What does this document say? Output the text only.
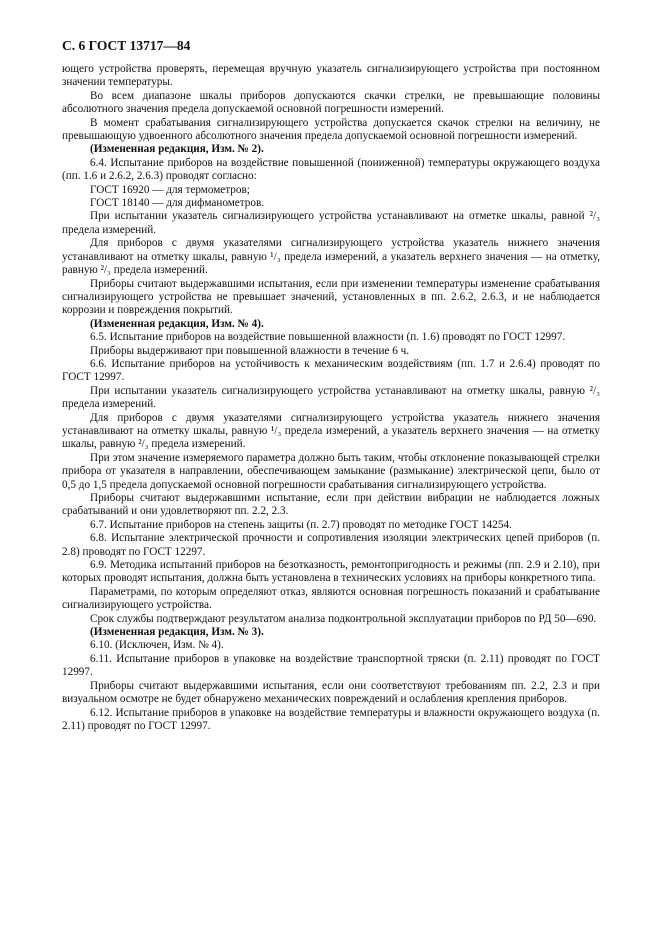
С. 6 ГОСТ 13717—84

ющего устройства проверять, перемещая вручную указатель сигнализирующего устройства при постоянном значении температуры.

Во всем диапазоне шкалы приборов допускаются скачки стрелки, не превышающие половины абсолютного значения предела допускаемой основной погрешности измерений.

В момент срабатывания сигнализирующего устройства допускается скачок стрелки на величину, не превышающую удвоенного абсолютного значения предела допускаемой основной погрешности измерений.

(Измененная редакция, Изм. № 2).

6.4. Испытание приборов на воздействие повышенной (пониженной) температуры окружающего воздуха (пп. 1.6 и 2.6.2, 2.6.3) проводят согласно:

ГОСТ 16920 — для термометров;

ГОСТ 18140 — для дифманометров.

При испытании указатель сигнализирующего устройства устанавливают на отметке шкалы, равной ²/₃ предела измерений.

Для приборов с двумя указателями сигнализирующего устройства указатель нижнего значения устанавливают на отметку шкалы, равную ¹/₃ предела измерений, а указатель верхнего значения — на отметку, равную ²/₃ предела измерений.

Приборы считают выдержавшими испытания, если при изменении температуры изменение срабатывания сигнализирующего устройства не превышает значений, установленных в пп. 2.6.2, 2.6.3, и не наблюдается коррозии и повреждения покрытий.

(Измененная редакция, Изм. № 4).

6.5. Испытание приборов на воздействие повышенной влажности (п. 1.6) проводят по ГОСТ 12997.

Приборы выдерживают при повышенной влажности в течение 6 ч.

6.6. Испытание приборов на устойчивость к механическим воздействиям (пп. 1.7 и 2.6.4) проводят по ГОСТ 12997.

При испытании указатель сигнализирующего устройства устанавливают на отметку шкалы, равную ²/₃ предела измерений.

Для приборов с двумя указателями сигнализирующего устройства указатель нижнего значения устанавливают на отметку шкалы, равную ¹/₃ предела измерений, а указатель верхнего значения — на отметку шкалы, равную ²/₃ предела измерений.

При этом значение измеряемого параметра должно быть таким, чтобы отклонение показывающей стрелки прибора от указателя в направлении, обеспечивающем замыкание (размыкание) электрической цепи, было от 0,5 до 1,5 предела допускаемой основной погрешности срабатывания сигнализирующего устройства.

Приборы считают выдержавшими испытание, если при действии вибрации не наблюдается ложных срабатываний и они удовлетворяют пп. 2.2, 2.3.

6.7. Испытание приборов на степень защиты (п. 2.7) проводят по методике ГОСТ 14254.

6.8. Испытание электрической прочности и сопротивления изоляции электрических цепей приборов (п. 2.8) проводят по ГОСТ 12297.

6.9. Методика испытаний приборов на безотказность, ремонтопригодность и режимы (пп. 2.9 и 2.10), при которых проводят испытания, должна быть установлена в технических условиях на приборы конкретного типа.

Параметрами, по которым определяют отказ, являются основная погрешность показаний и срабатывание сигнализирующего устройства.

Срок службы подтверждают результатом анализа подконтрольной эксплуатации приборов по РД 50—690.

(Измененная редакция, Изм. № 3).

6.10. (Исключен, Изм. № 4).

6.11. Испытание приборов в упаковке на воздействие транспортной тряски (п. 2.11) проводят по ГОСТ 12997.

Приборы считают выдержавшими испытания, если они соответствуют требованиям пп. 2.2, 2.3 и при визуальном осмотре не будет обнаружено механических повреждений и ослабления крепления приборов.

6.12. Испытание приборов в упаковке на воздействие температуры и влажности окружающего воздуха (п. 2.11) проводят по ГОСТ 12997.
